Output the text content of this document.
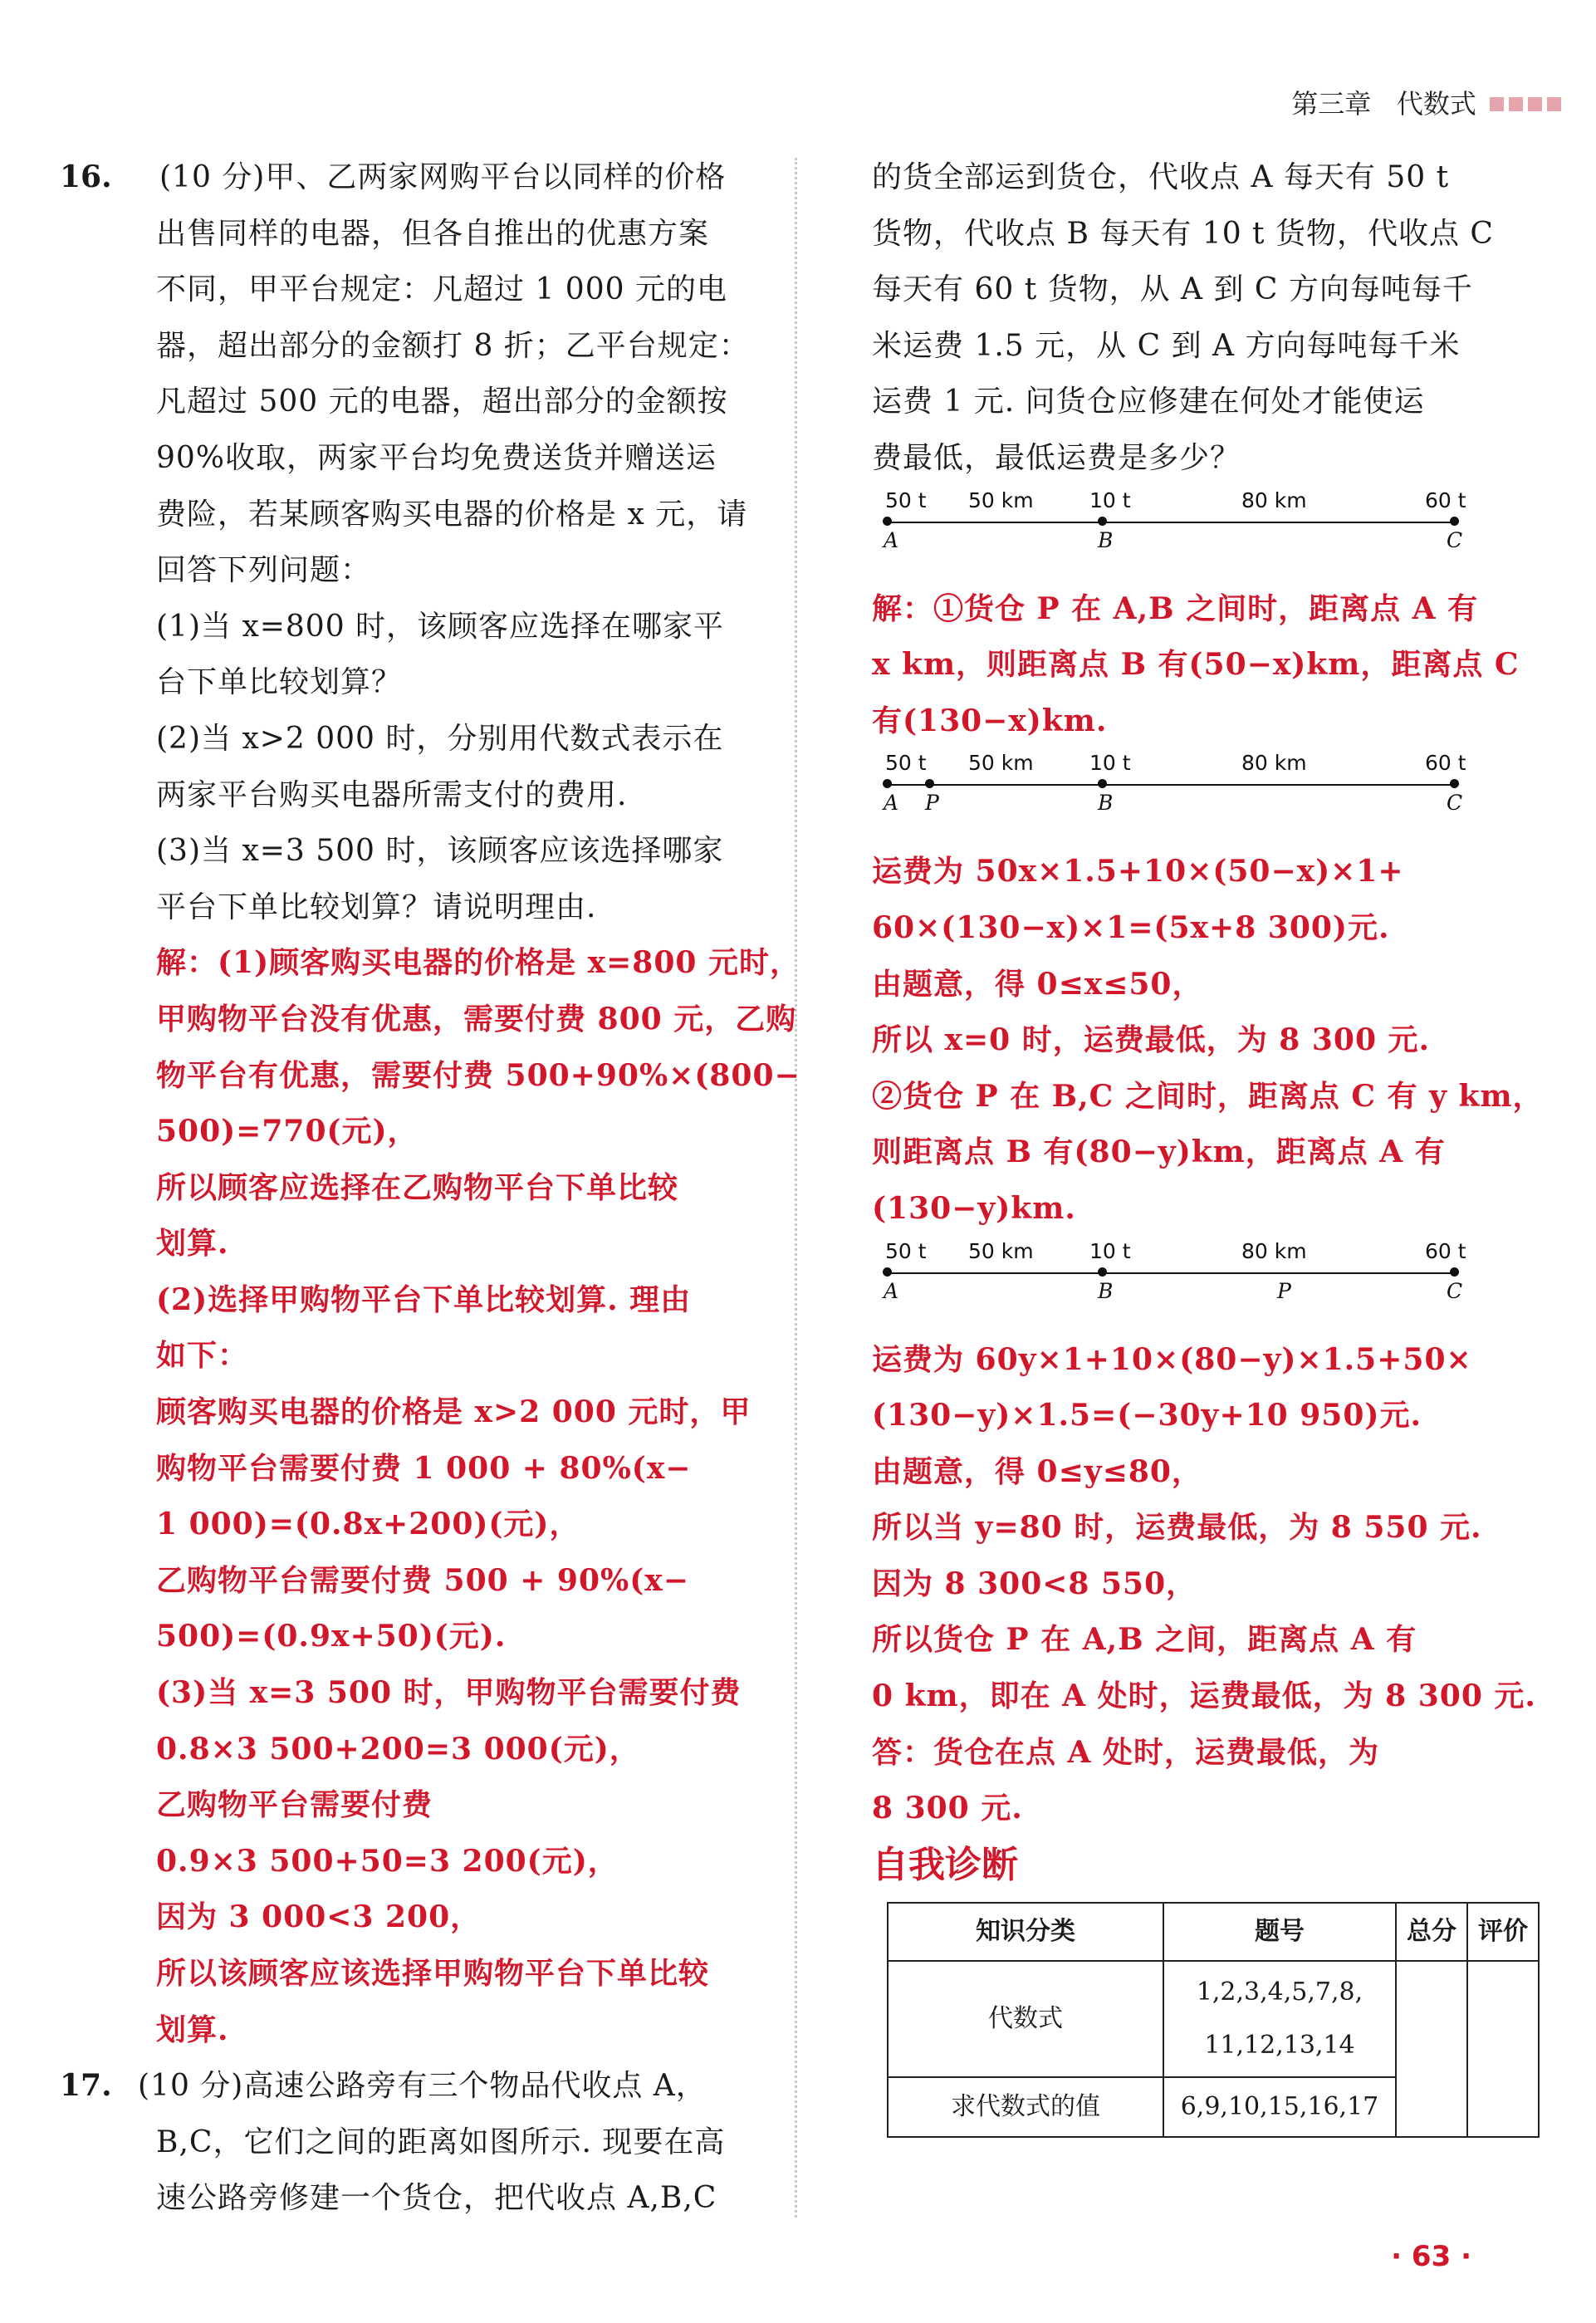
第三章 代数式
16.	(10 分)甲、乙两家网购平台以同样的价格

出售同样的电器，但各自推出的优惠方案

不同，甲平台规定：凡超过 1 000 元的电

器，超出部分的金额打 8 折；乙平台规定：

凡超过 500 元的电器，超出部分的金额按

90%收取，两家平台均免费送货并赠送运

费险，若某顾客购买电器的价格是 x 元，请

回答下列问题：

(1)当 x=800 时，该顾客应选择在哪家平

台下单比较划算？

(2)当 x>2 000 时，分别用代数式表示在

两家平台购买电器所需支付的费用.

(3)当 x=3 500 时，该顾客应该选择哪家

平台下单比较划算？请说明理由.

解：(1)顾客购买电器的价格是 x=800 元时，

甲购物平台没有优惠，需要付费 800 元，乙购

物平台有优惠，需要付费 500+90%×(800−

500)=770(元)，

所以顾客应选择在乙购物平台下单比较

划算.

(2)选择甲购物平台下单比较划算. 理由

如下：

顾客购买电器的价格是 x>2 000 元时，甲

购物平台需要付费 1 000 + 80%(x−

1 000)=(0.8x+200)(元)，

乙购物平台需要付费 500 + 90%(x−

500)=(0.9x+50)(元).

(3)当 x=3 500 时，甲购物平台需要付费

0.8×3 500+200=3 000(元)，

乙购物平台需要付费

0.9×3 500+50=3 200(元)，

因为 3 000<3 200，

所以该顾客应该选择甲购物平台下单比较

划算.

17. (10 分)高速公路旁有三个物品代收点 A，

B,C，它们之间的距离如图所示. 现要在高

速公路旁修建一个货仓，把代收点 A,B,C

的货全部运到货仓，代收点 A 每天有 50 t

货物，代收点 B 每天有 10 t 货物，代收点 C

每天有 60 t 货物，从 A 到 C 方向每吨每千

米运费 1.5 元，从 C 到 A 方向每吨每千米

运费 1 元. 问货仓应修建在何处才能使运

费最低，最低运费是多少？

50 t 50 km	10 t	80 km	60 t
A	B	C

解：①货仓 P 在 A,B 之间时，距离点 A 有

x km，则距离点 B 有(50−x)km，距离点 C

有(130−x)km.

50 t 50 km	10 t	80 km	60 t
A P	B	C

运费为 50x×1.5+10×(50−x)×1+

60×(130−x)×1=(5x+8 300)元.

由题意，得 0≤x≤50，

所以 x=0 时，运费最低，为 8 300 元.

②货仓 P 在 B,C 之间时，距离点 C 有 y km，

则距离点 B 有(80−y)km，距离点 A 有

(130−y)km.

50 t 50 km	10 t	80 km	60 t
A	B	P	C

运费为 60y×1+10×(80−y)×1.5+50×

(130−y)×1.5=(−30y+10 950)元.

由题意，得 0≤y≤80，

所以当 y=80 时，运费最低，为 8 550 元.

因为 8 300<8 550，

所以货仓 P 在 A,B 之间，距离点 A 有

0 km，即在 A 处时，运费最低，为 8 300 元.

答：货仓在点 A 处时，运费最低，为

8 300 元.

自我诊断
知识分类	题号	总分	评价
代数式	1,2,3,4,5,7,8,
11,12,13,14		

求代数式的值	6,9,10,15,16,17		
· 63 ·
